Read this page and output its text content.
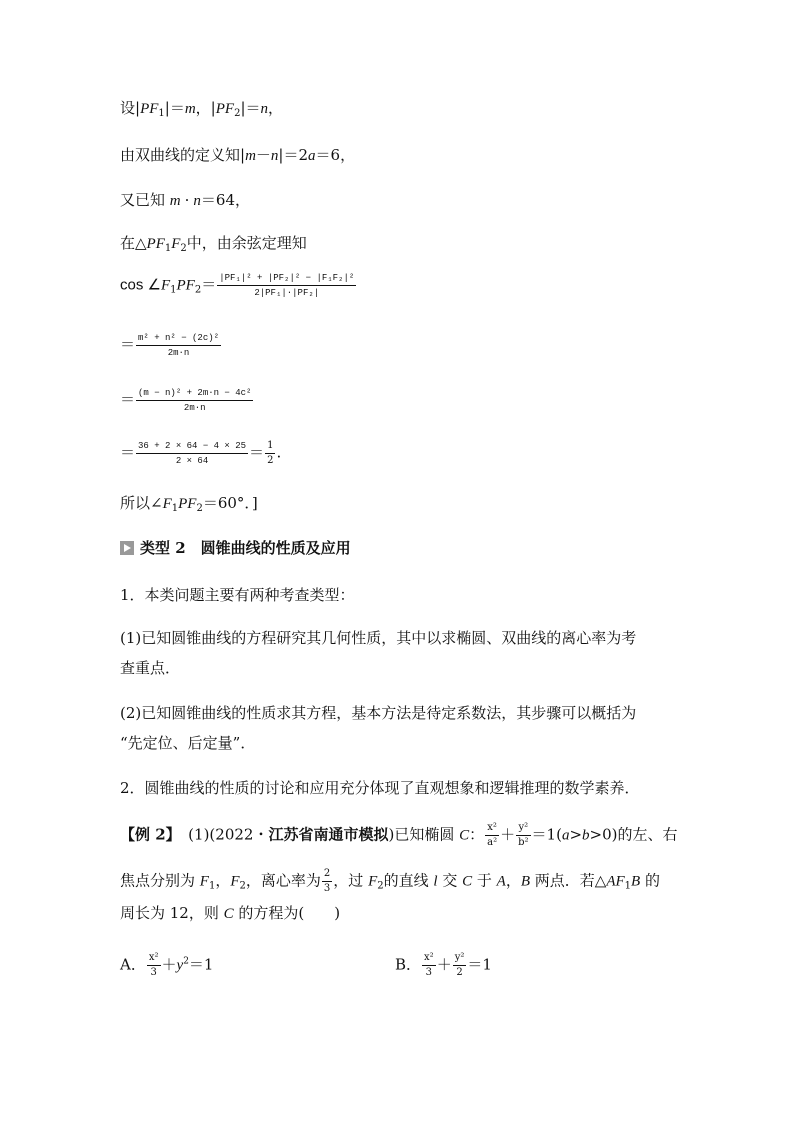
设$|PF_1|=m$，$|PF_2|=n$，
由双曲线的定义知|m－n|＝2a＝6，
又已知 m · n＝64，
在$\triangle PF_1F_2$中，由余弦定理知
$\cos \angle F_1PF_2= \frac{\text{|PF₁|² + |PF₂|² − |F₁F₂|²}}{\text{2|PF₁|·|PF₂|}}$
＝ $\frac{\text{m² + n² − (2c)²}}{2m\cdot n}$
＝ $\frac{\text{(m − n)² + 2m·n − 4c²}}{2m\cdot n}$
＝ $\frac{36 + 2 \times 64 - 4 \times 25}{2 \times 64} = \frac{1}{2}$ .
所以$\angle F_1PF_2=60^\circ$．]
类型 2　圆锥曲线的性质及应用
1．本类问题主要有两种考查类型：
(1)已知圆锥曲线的方程研究其几何性质，其中以求椭圆、双曲线的离心率为考
查重点．
(2)已知圆锥曲线的性质求其方程，基本方法是待定系数法，其步骤可以概括为
“先定位、后定量”．
2．圆锥曲线的性质的讨论和应用充分体现了直观想象和逻辑推理的数学素养．
【例 2】　(1)(2022・江苏省南通市模拟)已知椭圆 C： $\frac{\text{x²}}{\text{a²}} + \frac{\text{y²}}{\text{b²}} =1(a>b>0)$的左、右
焦点分别为 $F_1$，$F_2$，离心率为 $\frac{2}{3}$ ，过 $F_2$的直线 l 交 C 于 A，B 两点．若$\triangle AF_1B$ 的
周长为 12，则 C 的方程为(　　)
A． $\frac{\text{x²}}{3} +y^2=1$	B． $\frac{\text{x²}}{3} + \frac{\text{y²}}{2} =1$
